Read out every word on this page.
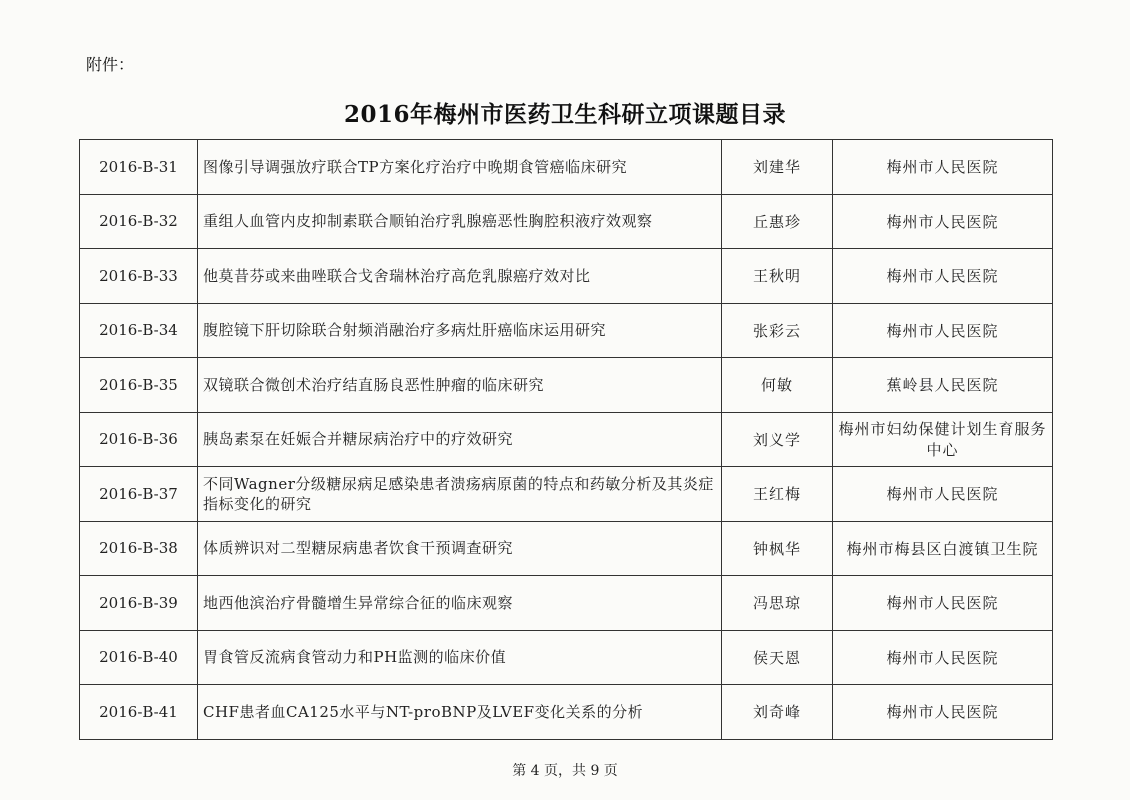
附件：
2016年梅州市医药卫生科研立项课题目录
2016-B-31	图像引导调强放疗联合TP方案化疗治疗中晚期食管癌临床研究	刘建华	梅州市人民医院
2016-B-32	重组人血管内皮抑制素联合顺铂治疗乳腺癌恶性胸腔积液疗效观察	丘惠珍	梅州市人民医院
2016-B-33	他莫昔芬或来曲唑联合戈舍瑞林治疗高危乳腺癌疗效对比	王秋明	梅州市人民医院
2016-B-34	腹腔镜下肝切除联合射频消融治疗多病灶肝癌临床运用研究	张彩云	梅州市人民医院
2016-B-35	双镜联合微创术治疗结直肠良恶性肿瘤的临床研究	何敏	蕉岭县人民医院
2016-B-36	胰岛素泵在妊娠合并糖尿病治疗中的疗效研究	刘义学	梅州市妇幼保健计划生育服务中心
2016-B-37	不同Wagner分级糖尿病足感染患者溃疡病原菌的特点和药敏分析及其炎症指标变化的研究	王红梅	梅州市人民医院
2016-B-38	体质辨识对二型糖尿病患者饮食干预调查研究	钟枫华	梅州市梅县区白渡镇卫生院
2016-B-39	地西他滨治疗骨髓增生异常综合征的临床观察	冯思琼	梅州市人民医院
2016-B-40	胃食管反流病食管动力和PH监测的临床价值	侯天恩	梅州市人民医院
2016-B-41	CHF患者血CA125水平与NT-proBNP及LVEF变化关系的分析	刘奇峰	梅州市人民医院
第 4 页，共 9 页
